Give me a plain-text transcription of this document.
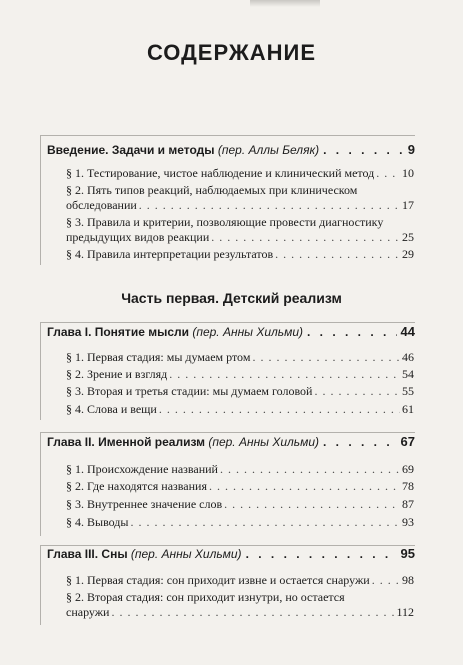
СОДЕРЖАНИЕ
Введение. Задачи и методы
(пер. Аллы Беляк) . . .	9
§ 1. Тестирование, чистое наблюдение и клинический метод . . . 10
§ 2. Пять типов реакций, наблюдаемых при клиническом
обследовании . . .	17
§ 3. Правила и критерии, позволяющие провести диагностику
предыдущих видов реакции . . .	25
§ 4. Правила интерпретации результатов . . .	29
Часть первая. Детский реализм
Глава I. Понятие мысли
(пер. Анны Хильми) . . .	44
§ 1. Первая стадия: мы думаем ртом . . .	46
§ 2. Зрение и взгляд . . .	54
§ 3. Вторая и третья стадии: мы думаем головой . . .	55
§ 4. Слова и вещи . . .	61
Глава II. Именной реализм
(пер. Анны Хильми) . . .	67
§ 1. Происхождение названий . . .	69
§ 2. Где находятся названия . . .	78
§ 3. Внутреннее значение слов . . .	87
§ 4. Выводы . . .	93
Глава III. Сны
(пер. Анны Хильми) . . .	95
§ 1. Первая стадия: сон приходит извне и остается снаружи . . .	98
§ 2. Вторая стадия: сон приходит изнутри, но остается
снаружи . . .	112
